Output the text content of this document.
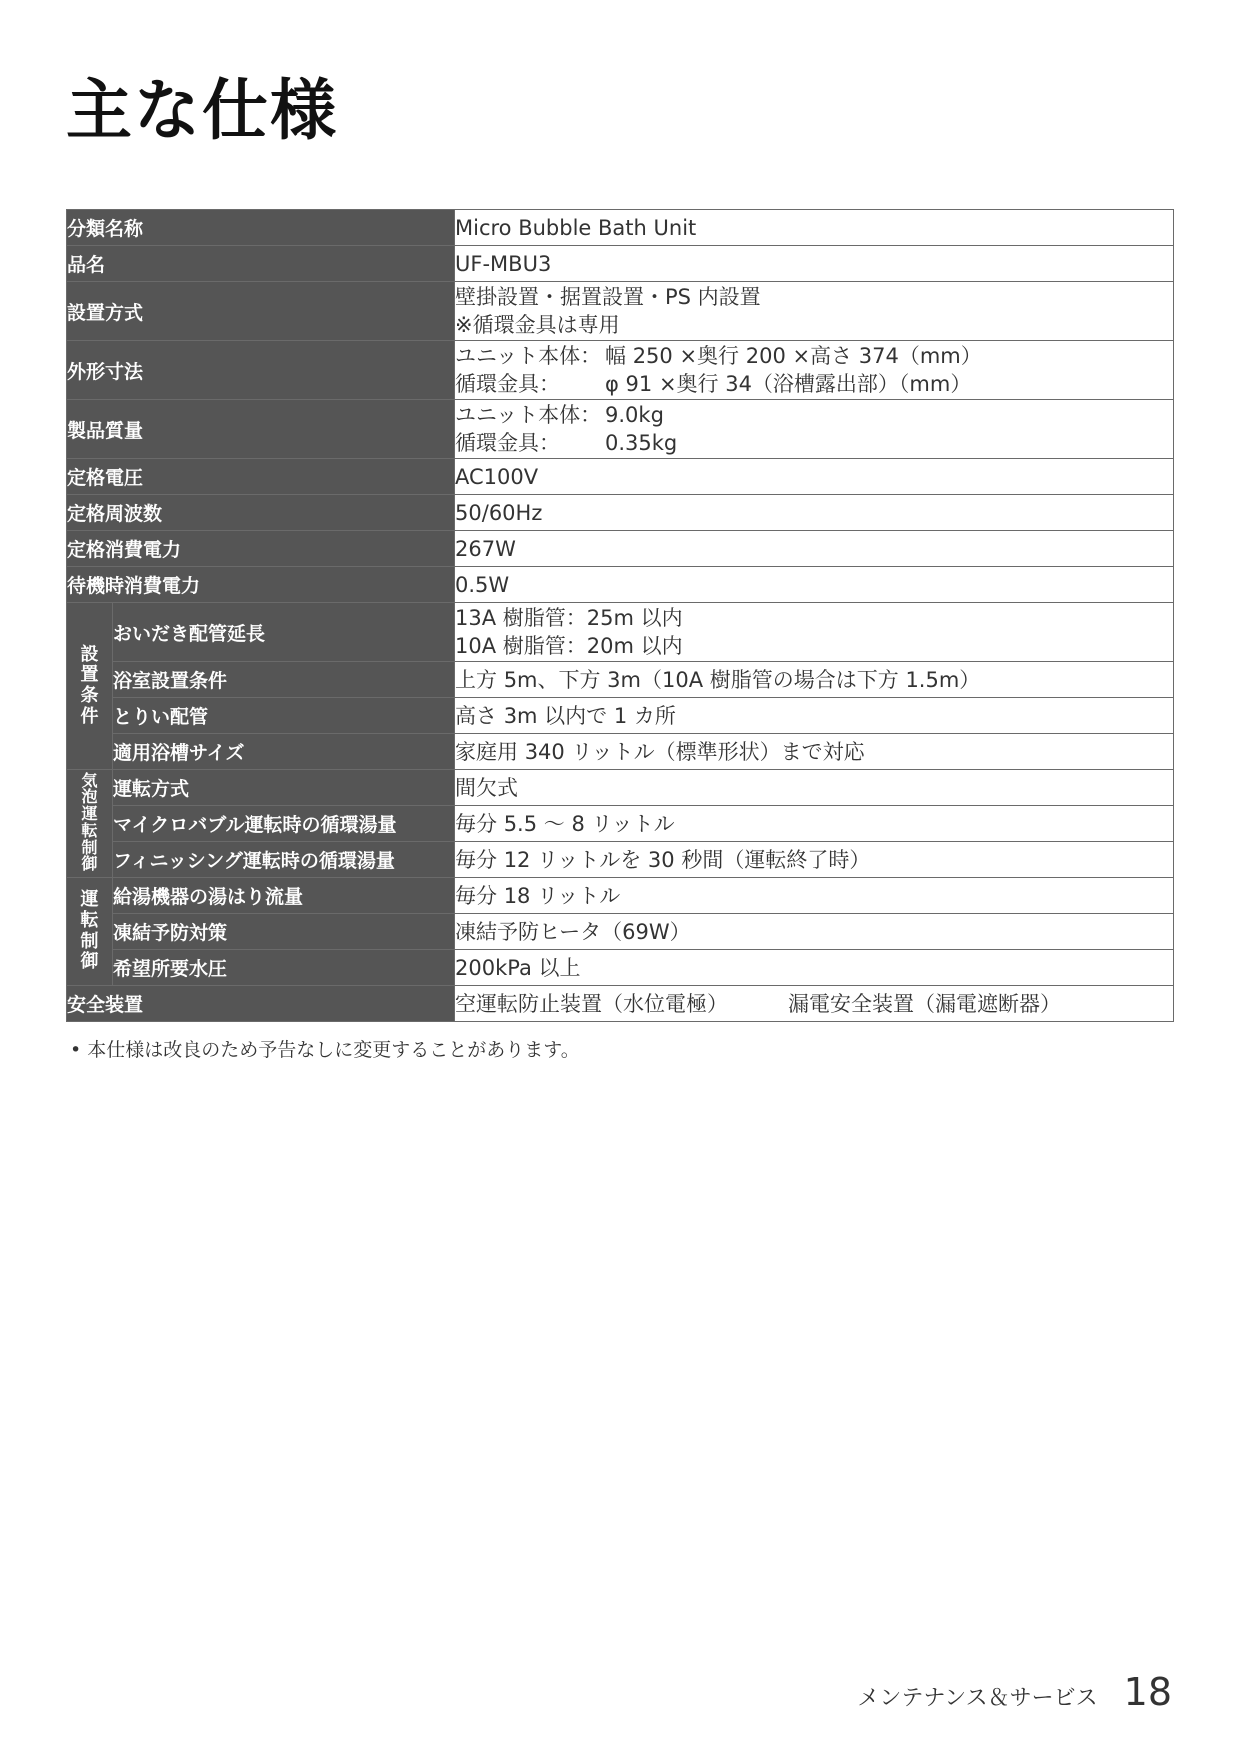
主な仕様
分類名称		Micro Bubble Bath Unit
品名		UF-MBU3
設置方式		壁掛設置・据置設置・PS 内設置
※循環金具は専用

外形寸法		ユニット本体： 幅 250 ×奥行 200 ×高さ 374（mm）
循環金具： φ 91 ×奥行 34（浴槽露出部）（mm）

製品質量		ユニット本体： 9.0kg
循環金具： 0.35kg

定格電圧		AC100V
定格周波数		50/60Hz
定格消費電力		267W
待機時消費電力		0.5W
設置条件	おいだき配管延長	13A 樹脂管：25m 以内
10A 樹脂管：20m 以内

	浴室設置条件	上方 5m、下方 3m（10A 樹脂管の場合は下方 1.5m）
	とりい配管	高さ 3m 以内で 1 カ所
	適用浴槽サイズ	家庭用 340 リットル（標準形状）まで対応
気泡運転制御	運転方式	間欠式
	マイクロバブル運転時の循環湯量	毎分 5.5 ～ 8 リットル
	フィニッシング運転時の循環湯量	毎分 12 リットルを 30 秒間（運転終了時）
運転制御	給湯機器の湯はり流量	毎分 18 リットル
	凍結予防対策	凍結予防ヒータ（69W）
	希望所要水圧	200kPa 以上
安全装置		空運転防止装置（水位電極） 漏電安全装置（漏電遮断器）
• 本仕様は改良のため予告なしに変更することがあります。
メンテナンス＆サービス 18
